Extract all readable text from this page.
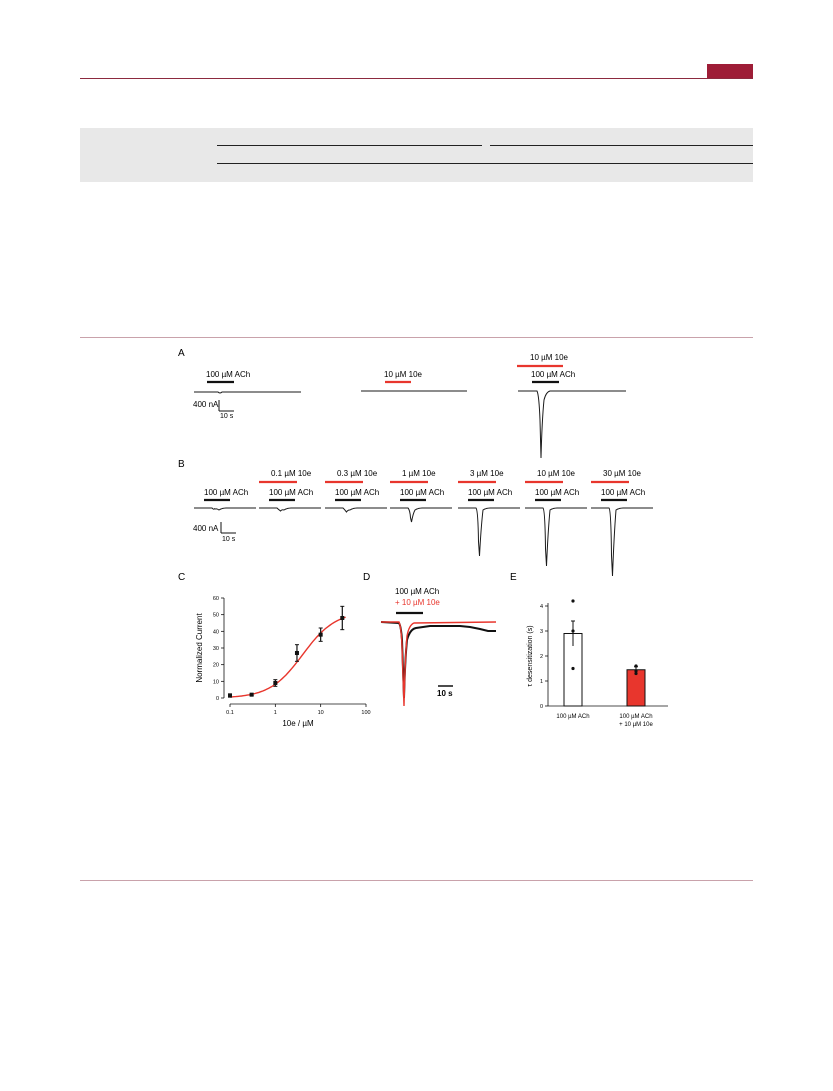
A
100 µM ACh	10 µM 10e
10 µM 10e
100 µM ACh
400 nA
10 s
B
100 µM ACh
0.1 µM 10e
100 µM ACh
0.3 µM 10e
100 µM ACh
1 µM 10e
100 µM ACh
3 µM 10e
100 µM ACh
10 µM 10e
100 µM ACh
30 µM 10e
100 µM ACh
400 nA
10 s
C
0
10
20
30
40
50
60
0.1	1	10	100
10e / µM
Normalized Current
D
100 µM ACh
+ 10 µM 10e
10 s
E
0
1
2
3
4
τ desensitization (s)
100 µM ACh	100 µM ACh
+ 10 µM 10e
